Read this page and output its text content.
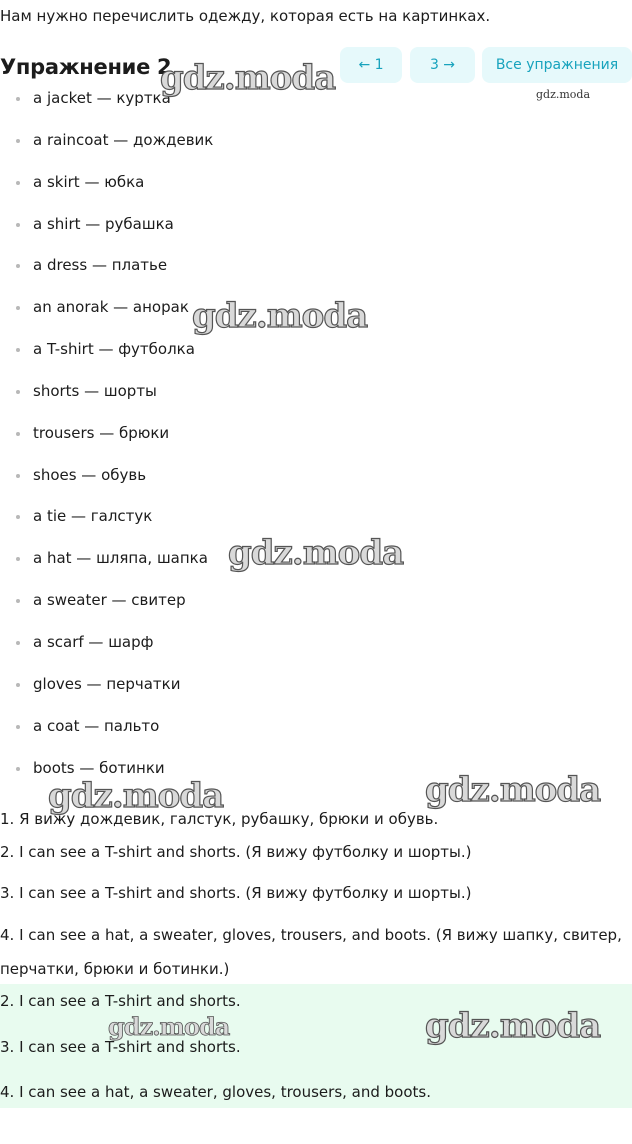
Нам нужно перечислить одежду, которая есть на картинках.
Упражнение 2	← 1	3 →	Все упражнения
a jacket — куртка
a raincoat — дождевик
a skirt — юбка
a shirt — рубашка
a dress — платье
an anorak — анорак
a T-shirt — футболка
shorts — шорты
trousers — брюки
shoes — обувь
a tie — галстук
a hat — шляпа, шапка
a sweater — свитер
a scarf — шарф
gloves — перчатки
a coat — пальто
boots — ботинки
1. Я вижу дождевик, галстук, рубашку, брюки и обувь.
2. I can see a T-shirt and shorts. (Я вижу футболку и шорты.)
3. I can see a T-shirt and shorts. (Я вижу футболку и шорты.)
4. I can see a hat, a sweater, gloves, trousers, and boots. (Я вижу шапку, свитер, перчатки, брюки и ботинки.)
2. I can see a T-shirt and shorts.
3. I can see a T-shirt and shorts.
4. I can see a hat, a sweater, gloves, trousers, and boots.
gdz.moda	gdz.moda
gdz.moda
gdz.moda
gdz.moda	gdz.moda
gdz.moda	gdz.moda
